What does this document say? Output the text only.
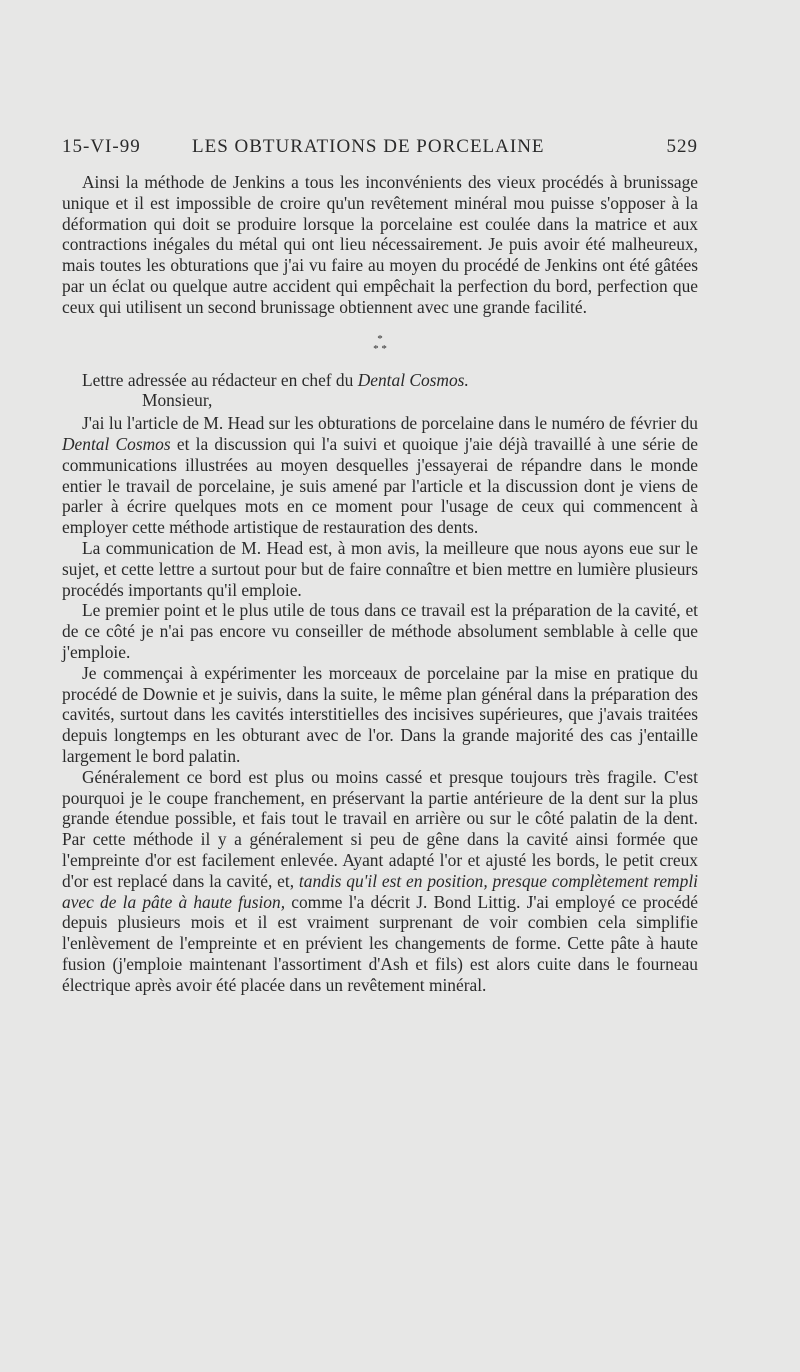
15-VI-99	LES OBTURATIONS DE PORCELAINE	529

Ainsi la méthode de Jenkins a tous les inconvénients des vieux procédés à brunissage unique et il est impossible de croire qu'un revêtement minéral mou puisse s'opposer à la déformation qui doit se produire lorsque la porcelaine est coulée dans la matrice et aux contractions inégales du métal qui ont lieu nécessairement. Je puis avoir été malheureux, mais toutes les obturations que j'ai vu faire au moyen du procédé de Jenkins ont été gâtées par un éclat ou quelque autre accident qui empêchait la perfection du bord, perfection que ceux qui utilisent un second brunissage obtiennent avec une grande facilité.

*
* *

Lettre adressée au rédacteur en chef du Dental Cosmos.

Monsieur,

J'ai lu l'article de M. Head sur les obturations de porcelaine dans le numéro de février du Dental Cosmos et la discussion qui l'a suivi et quoique j'aie déjà travaillé à une série de communications illustrées au moyen desquelles j'essayerai de répandre dans le monde entier le travail de porcelaine, je suis amené par l'article et la discussion dont je viens de parler à écrire quelques mots en ce moment pour l'usage de ceux qui commencent à employer cette méthode artistique de restauration des dents.

La communication de M. Head est, à mon avis, la meilleure que nous ayons eue sur le sujet, et cette lettre a surtout pour but de faire connaître et bien mettre en lumière plusieurs procédés importants qu'il emploie.

Le premier point et le plus utile de tous dans ce travail est la préparation de la cavité, et de ce côté je n'ai pas encore vu conseiller de méthode absolument semblable à celle que j'emploie.

Je commençai à expérimenter les morceaux de porcelaine par la mise en pratique du procédé de Downie et je suivis, dans la suite, le même plan général dans la préparation des cavités, surtout dans les cavités interstitielles des incisives supérieures, que j'avais traitées depuis longtemps en les obturant avec de l'or. Dans la grande majorité des cas j'entaille largement le bord palatin.

Généralement ce bord est plus ou moins cassé et presque toujours très fragile. C'est pourquoi je le coupe franchement, en préservant la partie antérieure de la dent sur la plus grande étendue possible, et fais tout le travail en arrière ou sur le côté palatin de la dent. Par cette méthode il y a généralement si peu de gêne dans la cavité ainsi formée que l'empreinte d'or est facilement enlevée. Ayant adapté l'or et ajusté les bords, le petit creux d'or est replacé dans la cavité, et, tandis qu'il est en position, presque complètement rempli avec de la pâte à haute fusion, comme l'a décrit J. Bond Littig. J'ai employé ce procédé depuis plusieurs mois et il est vraiment surprenant de voir combien cela simplifie l'enlèvement de l'empreinte et en prévient les changements de forme. Cette pâte à haute fusion (j'emploie maintenant l'assortiment d'Ash et fils) est alors cuite dans le fourneau électrique après avoir été placée dans un revêtement minéral.
